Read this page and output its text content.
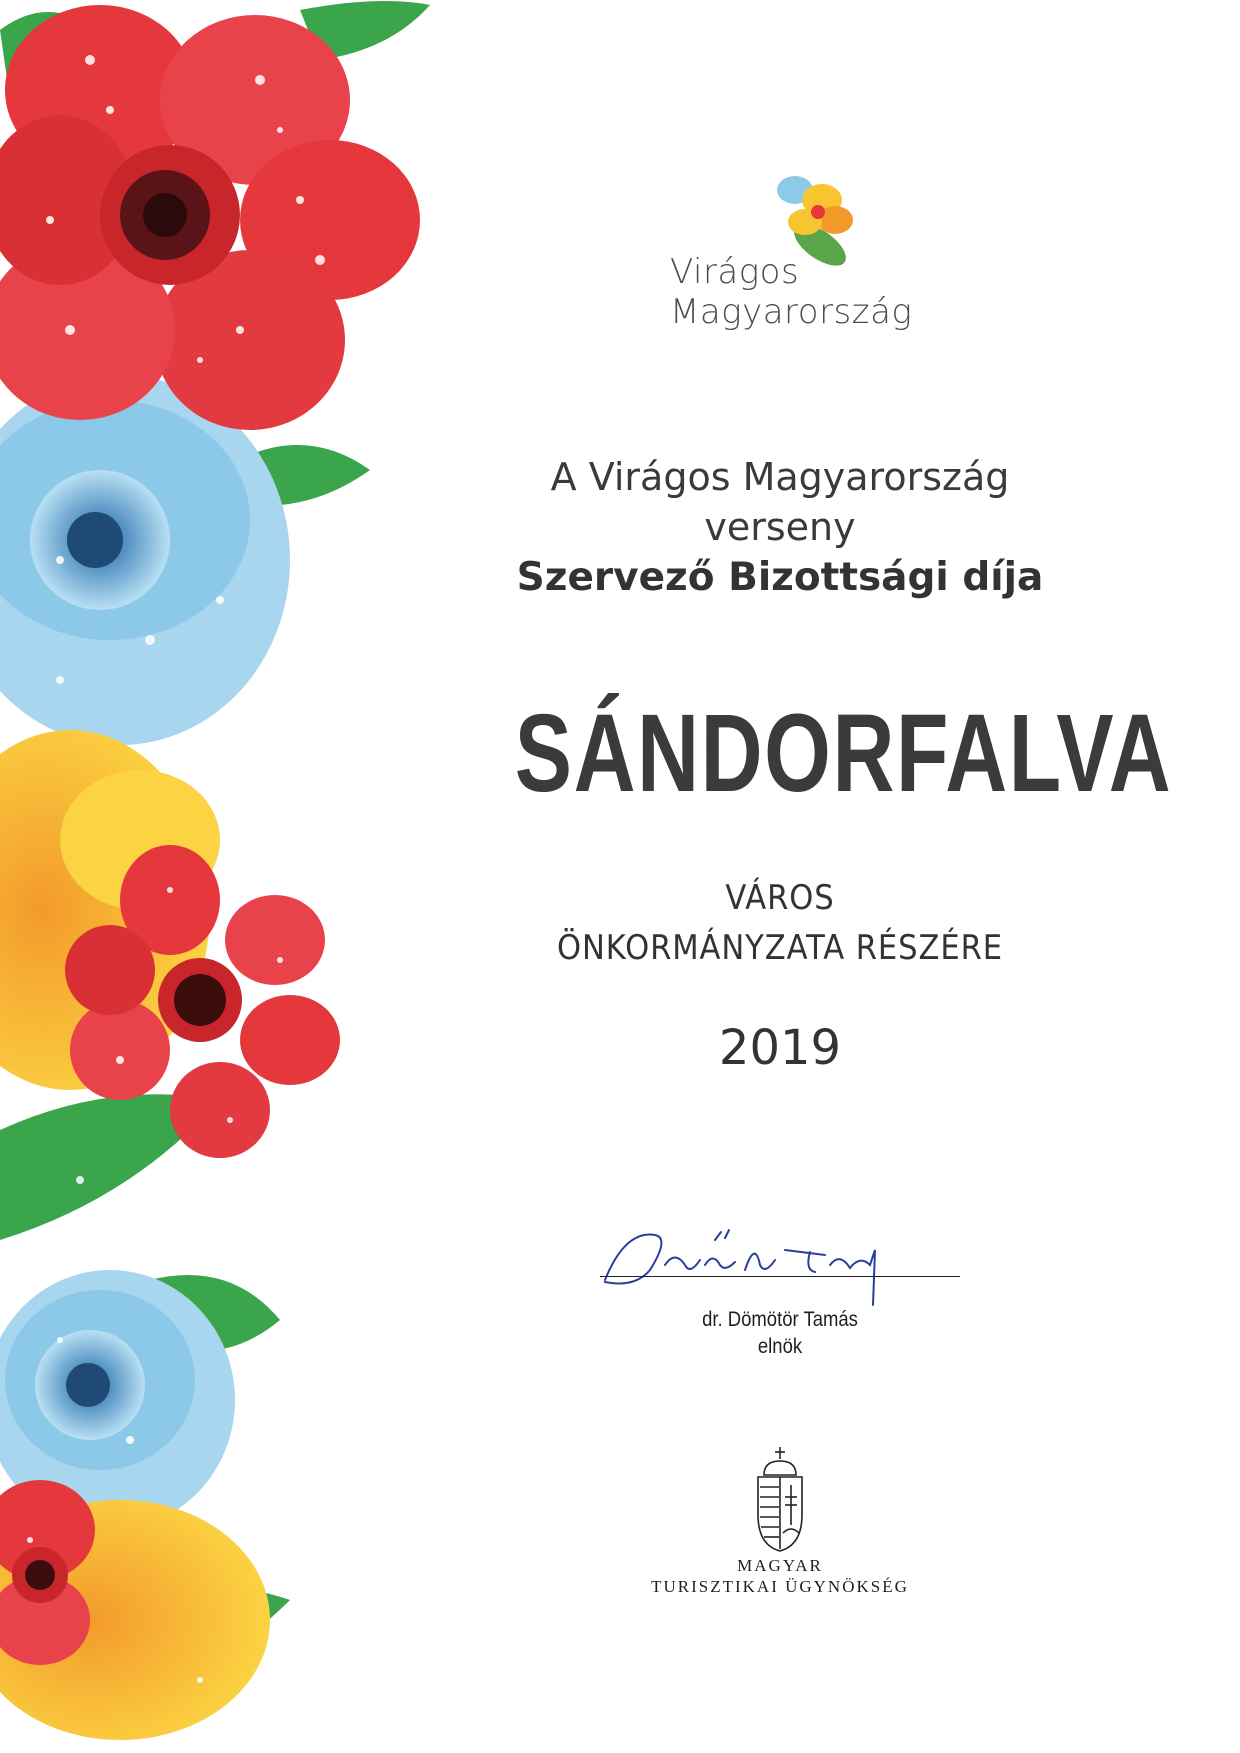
Virágos
Magyarország
A Virágos Magyarország
verseny
Szervező Bizottsági díja
SÁNDORFALVA
VÁROS
ÖNKORMÁNYZATA RÉSZÉRE
2019
dr. Dömötör Tamás
elnök
MAGYAR
TURISZTIKAI ÜGYNÖKSÉG
